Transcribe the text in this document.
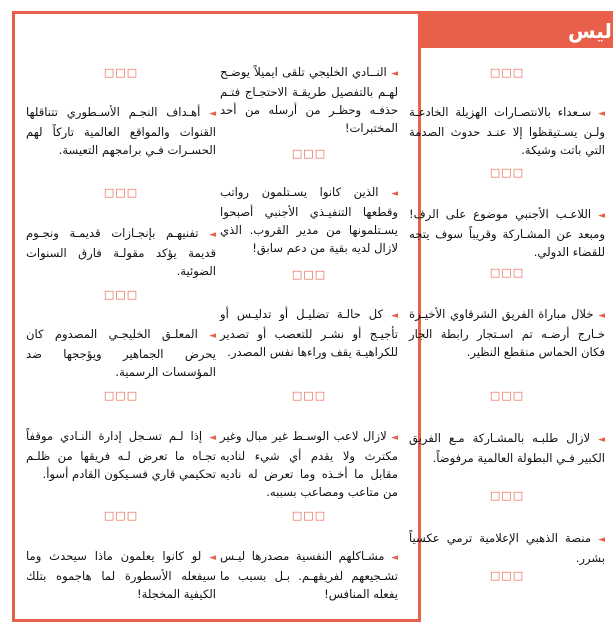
ليس
□□□
◄ سـعداء بالانتصـارات الهزيلة الخادعـة ولـن يسـتيقظوا إلا عنـد حدوث الصدمة التي باتت وشيكة.
□□□
◄ اللاعـب الأجنبي موضوع على الرف! ومبعد عن المشـاركة وقريباً سوف يتجه للقضاء الدولي.
□□□
◄ خلال مباراة الفريق الشرقاوي الأخيـرة خـارج أرضـه تم اسـتجار رابطة الجار فكان الحماس منقطع النظير.
□□□
◄ لازال طلبـه بالمشـاركة مـع الفريق الكبير فـي البطولة العالمية مرفوضاً.
□□□
◄ منصة الذهبي الإعلامية ترمي عكسياً بشرر.
□□□
◄ النــادي الخليجي تلقى ايميلاً يوضـح لهـم بالتفصيل طريقـة الاحتجـاج فتـم حذفـه وحظـر من أرسله من أحد المختبرات!
□□□
◄ الذين كانوا يسـتلمون رواتب وقطعها التنفيـذي الأجنبي أصبحوا يسـتلمونها من مدير القروب. الذي لازال لديه بقية من دعم سابق!
□□□
◄ كل حالـة تضليـل أو تدليـس أو تأجيـج أو نشـر للتعصب أو تصدير للكراهيـة يقف وراءها نفس المصدر.
□□□
◄ لازال لاعب الوسـط غير مبال وغير مكترث ولا يقدم أي شيء لناديه مقابل ما أخـذه وما تعرض له ناديه من متاعب ومصاعب بسببه.
□□□
◄ مشـاكلهم النفسية مصدرها ليـس تشـجيعهم لفريقهـم. بـل بسبب ما يفعله المنافس!
□□□
◄ أهـداف النجـم الأسـطوري تتناقلها القنوات والمواقع العالمية تاركاً لهم الحسـرات فـي برامجهم التعيسة.
□□□
◄ تفنيهـم بإنجـازات قديمـة ونجـوم قديمة يؤكد مقولـة فارق السنوات الضوئية.
□□□
◄ المعلـق الخليجـي المصدوم كان يحرض الجماهير ويؤججها ضد المؤسسات الرسمية.
□□□
◄ إذا لـم تسـجل إدارة النـادي موقفاً تجـاه ما تعرض لـه فريقها من ظلـم تحكيمي قاري فسـيكون القادم أسوأ.
□□□
◄ لو كانوا يعلمون ماذا سيحدث وما سيفعله الأسطورة لما هاجموه بتلك الكيفية المخجلة!
